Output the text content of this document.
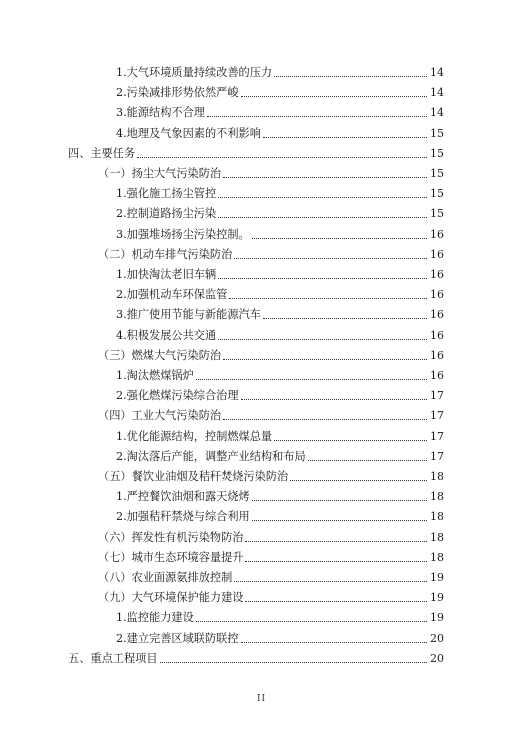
1.大气环境质量持续改善的压力	14
2.污染减排形势依然严峻	14
3.能源结构不合理	14
4.地理及气象因素的不利影响	15
四、主要任务	15
（一）扬尘大气污染防治	15
1.强化施工扬尘管控	15
2.控制道路扬尘污染	15
3.加强堆场扬尘污染控制。	16
（二）机动车排气污染防治	16
1.加快淘汰老旧车辆	16
2.加强机动车环保监管	16
3.推广使用节能与新能源汽车	16
4.积极发展公共交通	16
（三）燃煤大气污染防治	16
1.淘汰燃煤锅炉	16
2.强化燃煤污染综合治理	17
（四）工业大气污染防治	17
1.优化能源结构，控制燃煤总量	17
2.淘汰落后产能，调整产业结构和布局	17
（五）餐饮业油烟及秸秆焚烧污染防治	18
1.严控餐饮油烟和露天烧烤	18
2.加强秸秆禁烧与综合利用	18
（六）挥发性有机污染物防治	18
（七）城市生态环境容量提升	18
（八）农业面源氨排放控制	19
（九）大气环境保护能力建设	19
1.监控能力建设	19
2.建立完善区域联防联控	20
五、重点工程项目	20
II
